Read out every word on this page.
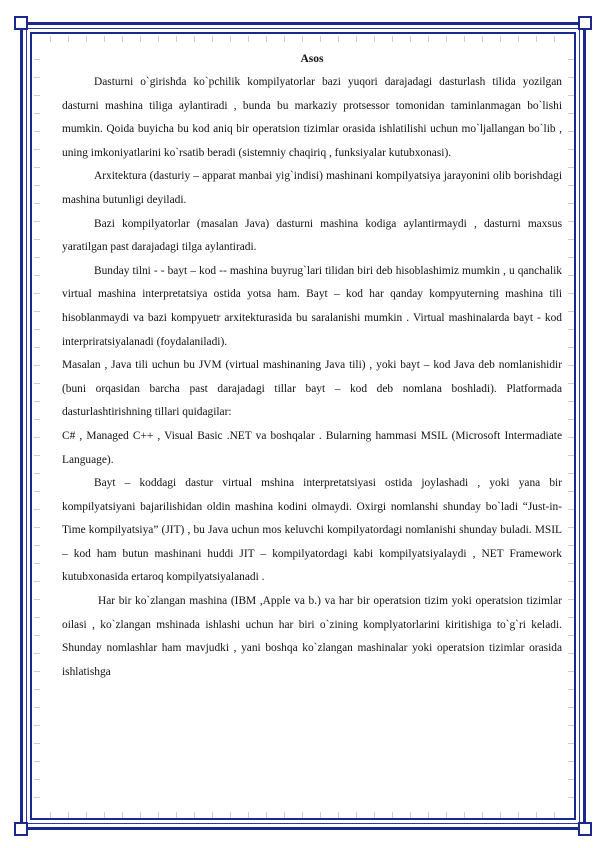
Asos

Dasturni o`girishda ko`pchilik kompilyatorlar bazi yuqori darajadagi dasturlash tilida yozilgan dasturni mashina tiliga aylantiradi , bunda bu markaziy protsessor tomonidan taminlanmagan bo`lishi mumkin. Qoida buyicha bu kod aniq bir operatsion tizimlar orasida ishlatilishi uchun mo`ljallangan bo`lib , uning imkoniyatlarini ko`rsatib beradi (sistemniy chaqiriq , funksiyalar kutubxonasi).

Arxitektura (dasturiy – apparat manbai yig`indisi) mashinani kompilyatsiya jarayonini olib borishdagi mashina butunligi deyiladi.

Bazi kompilyatorlar (masalan Java) dasturni mashina kodiga aylantirmaydi , dasturni maxsus yaratilgan past darajadagi tilga aylantiradi.

Bunday tilni - - bayt – kod -- mashina buyrug`lari tilidan biri deb hisoblashimiz mumkin , u qanchalik virtual mashina interpretatsiya ostida yotsa ham. Bayt – kod har qanday kompyuterning mashina tili hisoblanmaydi va bazi kompyuetr arxitekturasida bu saralanishi mumkin . Virtual mashinalarda bayt - kod interpriratsiyalanadi (foydalaniladi).

Masalan , Java tili uchun bu JVM (virtual mashinaning Java tili) , yoki bayt – kod Java deb nomlanishidir (buni orqasidan barcha past darajadagi tillar bayt – kod deb nomlana boshladi). Platformada dasturlashtirishning tillari quidagilar:

C# , Managed C++ , Visual Basic .NET va boshqalar . Bularning hammasi MSIL (Microsoft Intermadiate Language).

Bayt – koddagi dastur virtual mshina interpretatsiyasi ostida joylashadi , yoki yana bir kompilyatsiyani bajarilishidan oldin mashina kodini olmaydi. Oxirgi nomlanshi shunday bo`ladi “Just-in-Time kompilyatsiya” (JIT) , bu Java uchun mos keluvchi kompilyatordagi nomlanishi shunday buladi. MSIL – kod ham butun mashinani huddi JIT – kompilyatordagi kabi kompilyatsiyalaydi , NET Framework kutubxonasida ertaroq kompilyatsiyalanadi .

Har bir ko`zlangan mashina (IBM ,Apple va b.) va har bir operatsion tizim yoki operatsion tizimlar oilasi , ko`zlangan mshinada ishlashi uchun har biri o`zining komplyatorlarini kiritishiga to`g`ri keladi. Shunday nomlashlar ham mavjudki , yani boshqa ko`zlangan mashinalar yoki operatsion tizimlar orasida ishlatishga
